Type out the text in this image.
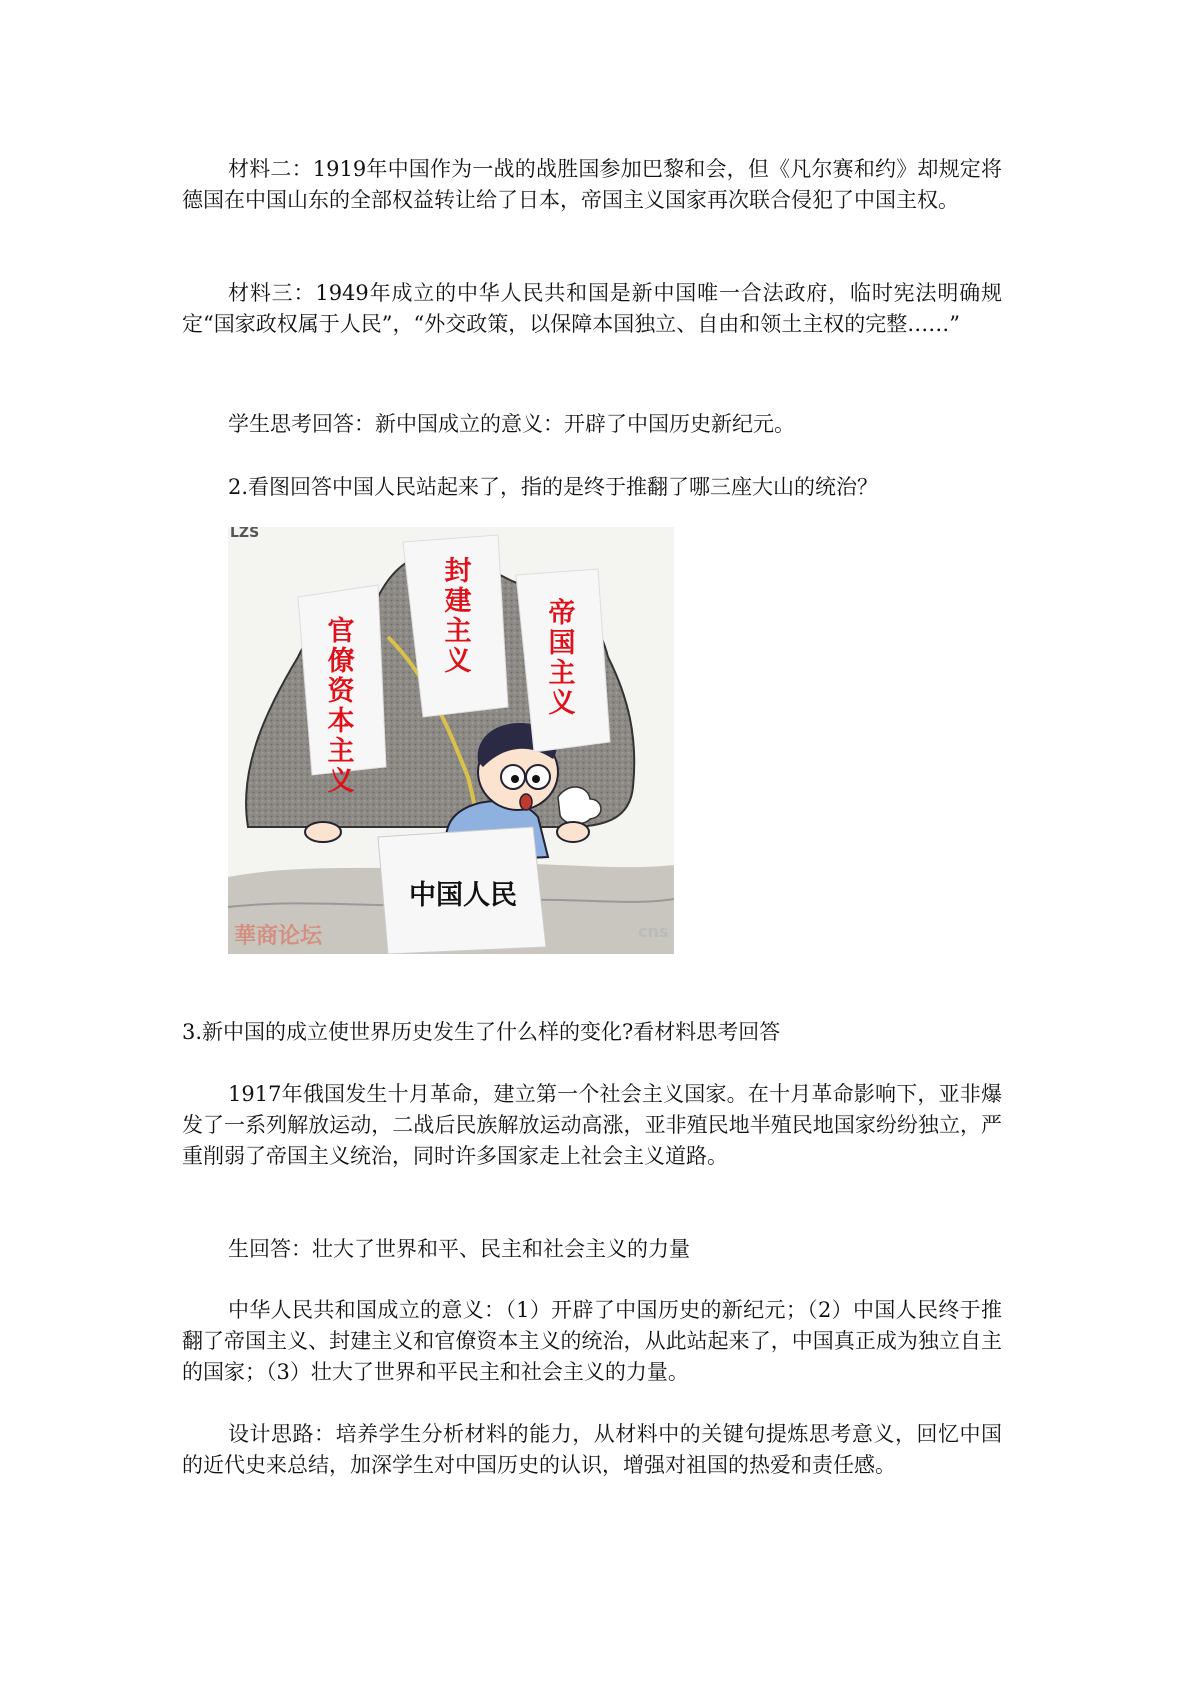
材料二：1919年中国作为一战的战胜国参加巴黎和会，但《凡尔赛和约》却规定将德国在中国山东的全部权益转让给了日本，帝国主义国家再次联合侵犯了中国主权。

材料三：1949年成立的中华人民共和国是新中国唯一合法政府，临时宪法明确规定“国家政权属于人民”，“外交政策，以保障本国独立、自由和领土主权的完整……”

学生思考回答：新中国成立的意义：开辟了中国历史新纪元。

2.看图回答中国人民站起来了，指的是终于推翻了哪三座大山的统治？

LZS
官僚资本主义
封建主义
帝国主义
中国人民
華商论坛	cns

3.新中国的成立使世界历史发生了什么样的变化?看材料思考回答

1917年俄国发生十月革命，建立第一个社会主义国家。在十月革命影响下，亚非爆发了一系列解放运动，二战后民族解放运动高涨，亚非殖民地半殖民地国家纷纷独立，严重削弱了帝国主义统治，同时许多国家走上社会主义道路。

生回答：壮大了世界和平、民主和社会主义的力量

中华人民共和国成立的意义：（1）开辟了中国历史的新纪元；（2）中国人民终于推翻了帝国主义、封建主义和官僚资本主义的统治，从此站起来了，中国真正成为独立自主的国家；（3）壮大了世界和平民主和社会主义的力量。

设计思路：培养学生分析材料的能力，从材料中的关键句提炼思考意义，回忆中国的近代史来总结，加深学生对中国历史的认识，增强对祖国的热爱和责任感。
